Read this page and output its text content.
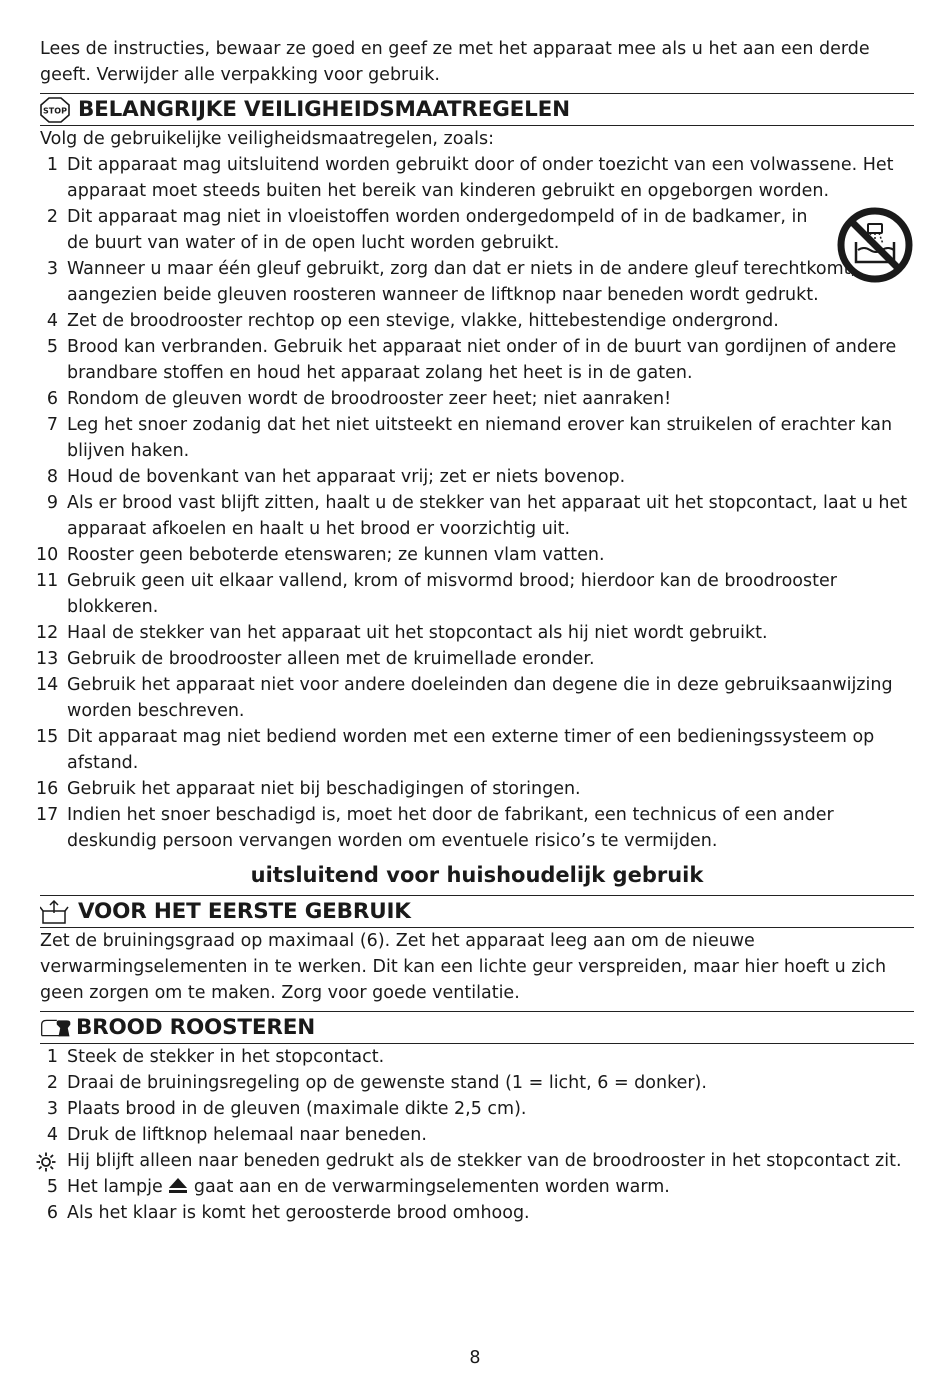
Lees de instructies, bewaar ze goed en geef ze met het apparaat mee als u het aan een derde geeft. Verwijder alle verpakking voor gebruik.

STOP BELANGRIJKE VEILIGHEIDSMAATREGELEN

Volg de gebruikelijke veiligheidsmaatregelen, zoals:

1 Dit apparaat mag uitsluitend worden gebruikt door of onder toezicht van een volwassene. Het apparaat moet steeds buiten het bereik van kinderen gebruikt en opgeborgen worden.
2 Dit apparaat mag niet in vloeistoffen worden ondergedompeld of in de badkamer, in de buurt van water of in de open lucht worden gebruikt.
3 Wanneer u maar één gleuf gebruikt, zorg dan dat er niets in de andere gleuf terechtkomt, aangezien beide gleuven roosteren wanneer de liftknop naar beneden wordt gedrukt.
4 Zet de broodrooster rechtop op een stevige, vlakke, hittebestendige ondergrond.
5 Brood kan verbranden. Gebruik het apparaat niet onder of in de buurt van gordijnen of andere brandbare stoffen en houd het apparaat zolang het heet is in de gaten.
6 Rondom de gleuven wordt de broodrooster zeer heet; niet aanraken!
7 Leg het snoer zodanig dat het niet uitsteekt en niemand erover kan struikelen of erachter kan blijven haken.
8 Houd de bovenkant van het apparaat vrij; zet er niets bovenop.
9 Als er brood vast blijft zitten, haalt u de stekker van het apparaat uit het stopcontact, laat u het apparaat afkoelen en haalt u het brood er voorzichtig uit.
10 Rooster geen beboterde etenswaren; ze kunnen vlam vatten.
11 Gebruik geen uit elkaar vallend, krom of misvormd brood; hierdoor kan de broodrooster blokkeren.
12 Haal de stekker van het apparaat uit het stopcontact als hij niet wordt gebruikt.
13 Gebruik de broodrooster alleen met de kruimellade eronder.
14 Gebruik het apparaat niet voor andere doeleinden dan degene die in deze gebruiksaanwijzing worden beschreven.
15 Dit apparaat mag niet bediend worden met een externe timer of een bedieningssysteem op afstand.
16 Gebruik het apparaat niet bij beschadigingen of storingen.
17 Indien het snoer beschadigd is, moet het door de fabrikant, een technicus of een ander deskundig persoon vervangen worden om eventuele risico’s te vermijden.
uitsluitend voor huishoudelijk gebruik
VOOR HET EERSTE GEBRUIK

Zet de bruiningsgraad op maximaal (6). Zet het apparaat leeg aan om de nieuwe verwarmingselementen in te werken. Dit kan een lichte geur verspreiden, maar hier hoeft u zich geen zorgen om te maken. Zorg voor goede ventilatie.

BROOD ROOSTEREN
1 Steek de stekker in het stopcontact.
2 Draai de bruiningsregeling op de gewenste stand (1 = licht, 6 = donker).
3 Plaats brood in de gleuven (maximale dikte 2,5 cm).
4 Druk de liftknop helemaal naar beneden.
Hij blijft alleen naar beneden gedrukt als de stekker van de broodrooster in het stopcontact zit.
5 Het lampje gaat aan en de verwarmingselementen worden warm.
6 Als het klaar is komt het geroosterde brood omhoog.
8
